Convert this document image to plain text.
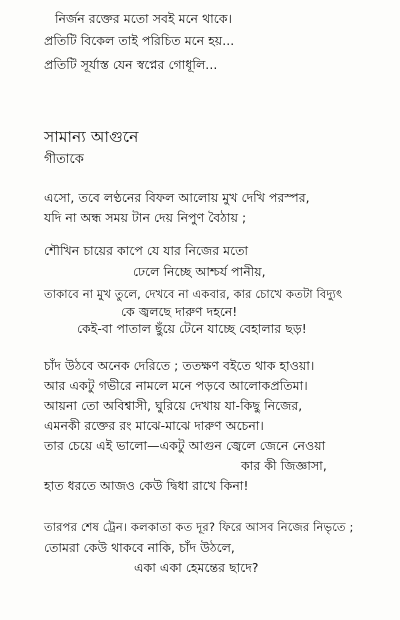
নির্জন রক্তের মতো সবই মনে থাকে।
প্রতিটি বিকেল তাই পরিচিত মনে হয়...
প্রতিটি সূর্যাস্ত যেন স্বপ্নের গোধূলি...
সামান্য আগুনে
গীতাকে
এসো, তবে লণ্ঠনের বিফল আলোয় মুখ দেখি পরস্পর,
যদি না অন্ধ সময় টান দেয় নিপুণ বৈঠায় ;
শৌখিন চায়ের কাপে যে যার নিজের মতো
ঢেলে নিচ্ছে আশ্চর্য পানীয়,
তাকাবে না মুখ তুলে, দেখবে না একবার, কার চোখে কতটা বিদ্যুৎ
কে জ্বলছে দারুণ দহনে!
কেই-বা পাতাল ছুঁয়ে টেনে যাচ্ছে বেহালার ছড়!
চাঁদ উঠবে অনেক দেরিতে ; ততক্ষণ বইতে থাক হাওয়া।
আর একটু গভীরে নামলে মনে পড়বে আলোকপ্রতিমা।
আয়না তো অবিশ্বাসী, ঘুরিয়ে দেখায় যা-কিছু নিজের,
এমনকী রক্তের রং মাঝে-মাঝে দারুণ অচেনা।
তার চেয়ে এই ভালো—একটু আগুন জ্বেলে জেনে নেওয়া
কার কী জিজ্ঞাসা,
হাত ধরতে আজও কেউ দ্বিধা রাখে কিনা!
তারপর শেষ ট্রেন। কলকাতা কত দূর? ফিরে আসব নিজের নিভৃতে ;
তোমরা কেউ থাকবে নাকি, চাঁদ উঠলে,
একা একা হেমন্তের ছাদে?
